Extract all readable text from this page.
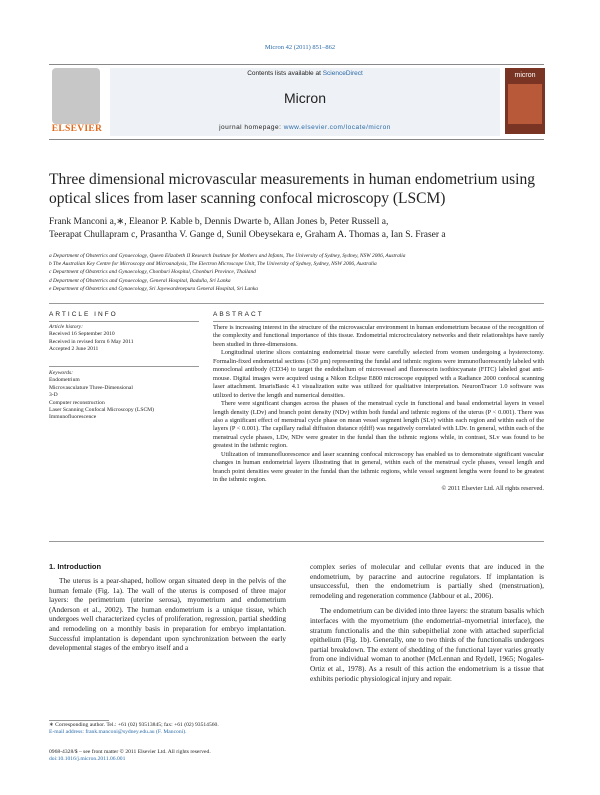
Micron 42 (2011) 851–862
ELSEVIER
Contents lists available at ScienceDirect
Micron
journal homepage: www.elsevier.com/locate/micron
micron
Three dimensional microvascular measurements in human endometrium using optical slices from laser scanning confocal microscopy (LSCM)
Frank Manconi a,∗, Eleanor P. Kable b, Dennis Dwarte b, Allan Jones b, Peter Russell a,
Teerapat Chullapram c, Prasantha V. Gange d, Sunil Obeysekara e, Graham A. Thomas a, Ian S. Fraser a
a Department of Obstetrics and Gynaecology, Queen Elizabeth II Research Institute for Mothers and Infants, The University of Sydney, Sydney, NSW 2006, Australia
b The Australian Key Centre for Microscopy and Microanalysis, The Electron Microscope Unit, The University of Sydney, Sydney, NSW 2006, Australia
c Department of Obstetrics and Gynaecology, Chonburi Hospital, Chonburi Province, Thailand
d Department of Obstetrics and Gynaecology, General Hospital, Badulla, Sri Lanka
e Department of Obstetrics and Gynaecology, Sri Jayewardenepura General Hospital, Sri Lanka
ARTICLE INFO	ABSTRACT
Article history:
Received 16 September 2010
Received in revised form 6 May 2011
Accepted 2 June 2011
Keywords:
Endometrium
Microvasculature Three-Dimensional
3-D
Computer reconstruction
Laser Scanning Confocal Microscopy (LSCM)
Immunofluorescence

There is increasing interest in the structure of the microvascular environment in human endometrium because of the recognition of the complexity and functional importance of this tissue. Endometrial microcirculatory networks and their relationships have rarely been studied in three-dimensions.

Longitudinal uterine slices containing endometrial tissue were carefully selected from women undergoing a hysterectomy. Formalin-fixed endometrial sections (≤50 μm) representing the fundal and isthmic regions were immunofluorescently labeled with monoclonal antibody (CD34) to target the endothelium of microvessel and fluorescein isothiocyanate (FITC) labeled goat anti-mouse. Digital images were acquired using a Nikon Eclipse E800 microscope equipped with a Radiance 2000 confocal scanning laser attachment. ImarisBasic 4.1 visualization suite was utilized for qualitative interpretation. NeuronTracer 1.0 software was utilized to derive the length and numerical densities.

There were significant changes across the phases of the menstrual cycle in functional and basal endometrial layers in vessel length density (LDv) and branch point density (NDv) within both fundal and isthmic regions of the uterus (P < 0.001). There was also a significant effect of menstrual cycle phase on mean vessel segment length (SLv) within each region and within each of the layers (P < 0.001). The capillary radial diffusion distance r(diff) was negatively correlated with LDv. In general, within each of the menstrual cycle phases, LDv, NDv were greater in the fundal than the isthmic regions while, in contrast, SLv was found to be greatest in the isthmic region.

Utilization of immunofluorescence and laser scanning confocal microscopy has enabled us to demonstrate significant vascular changes in human endometrial layers illustrating that in general, within each of the menstrual cycle phases, vessel length and branch point densities were greater in the fundal than the isthmic regions, while vessel segment lengths were found to be greatest in the isthmic region.

© 2011 Elsevier Ltd. All rights reserved.

1. Introduction

The uterus is a pear-shaped, hollow organ situated deep in the pelvis of the human female (Fig. 1a). The wall of the uterus is composed of three major layers: the perimetrium (uterine serosa), myometrium and endometrium (Anderson et al., 2002). The human endometrium is a unique tissue, which undergoes well characterized cycles of proliferation, regression, partial shedding and remodeling on a monthly basis in preparation for embryo implantation. Successful implantation is dependant upon synchronization between the early developmental stages of the embryo itself and a

complex series of molecular and cellular events that are induced in the endometrium, by paracrine and autocrine regulators. If implantation is unsuccessful, then the endometrium is partially shed (menstruation), remodeling and regeneration commence (Jabbour et al., 2006).

The endometrium can be divided into three layers: the stratum basalis which interfaces with the myometrium (the endometrial–myometrial interface), the stratum functionalis and the thin subepithelial zone with attached superficial epithelium (Fig. 1b). Generally, one to two thirds of the functionalis undergoes partial breakdown. The extent of shedding of the functional layer varies greatly from one individual woman to another (McLennan and Rydell, 1965; Nogales-Ortiz et al., 1978). As a result of this action the endometrium is a tissue that exhibits periodic physiological injury and repair.

∗ Corresponding author. Tel.: +61 (02) 93513845; fax: +61 (02) 93514560.
E-mail address: frank.manconi@sydney.edu.au (F. Manconi).
0968-4328/$ – see front matter © 2011 Elsevier Ltd. All rights reserved.
doi:10.1016/j.micron.2011.06.001
